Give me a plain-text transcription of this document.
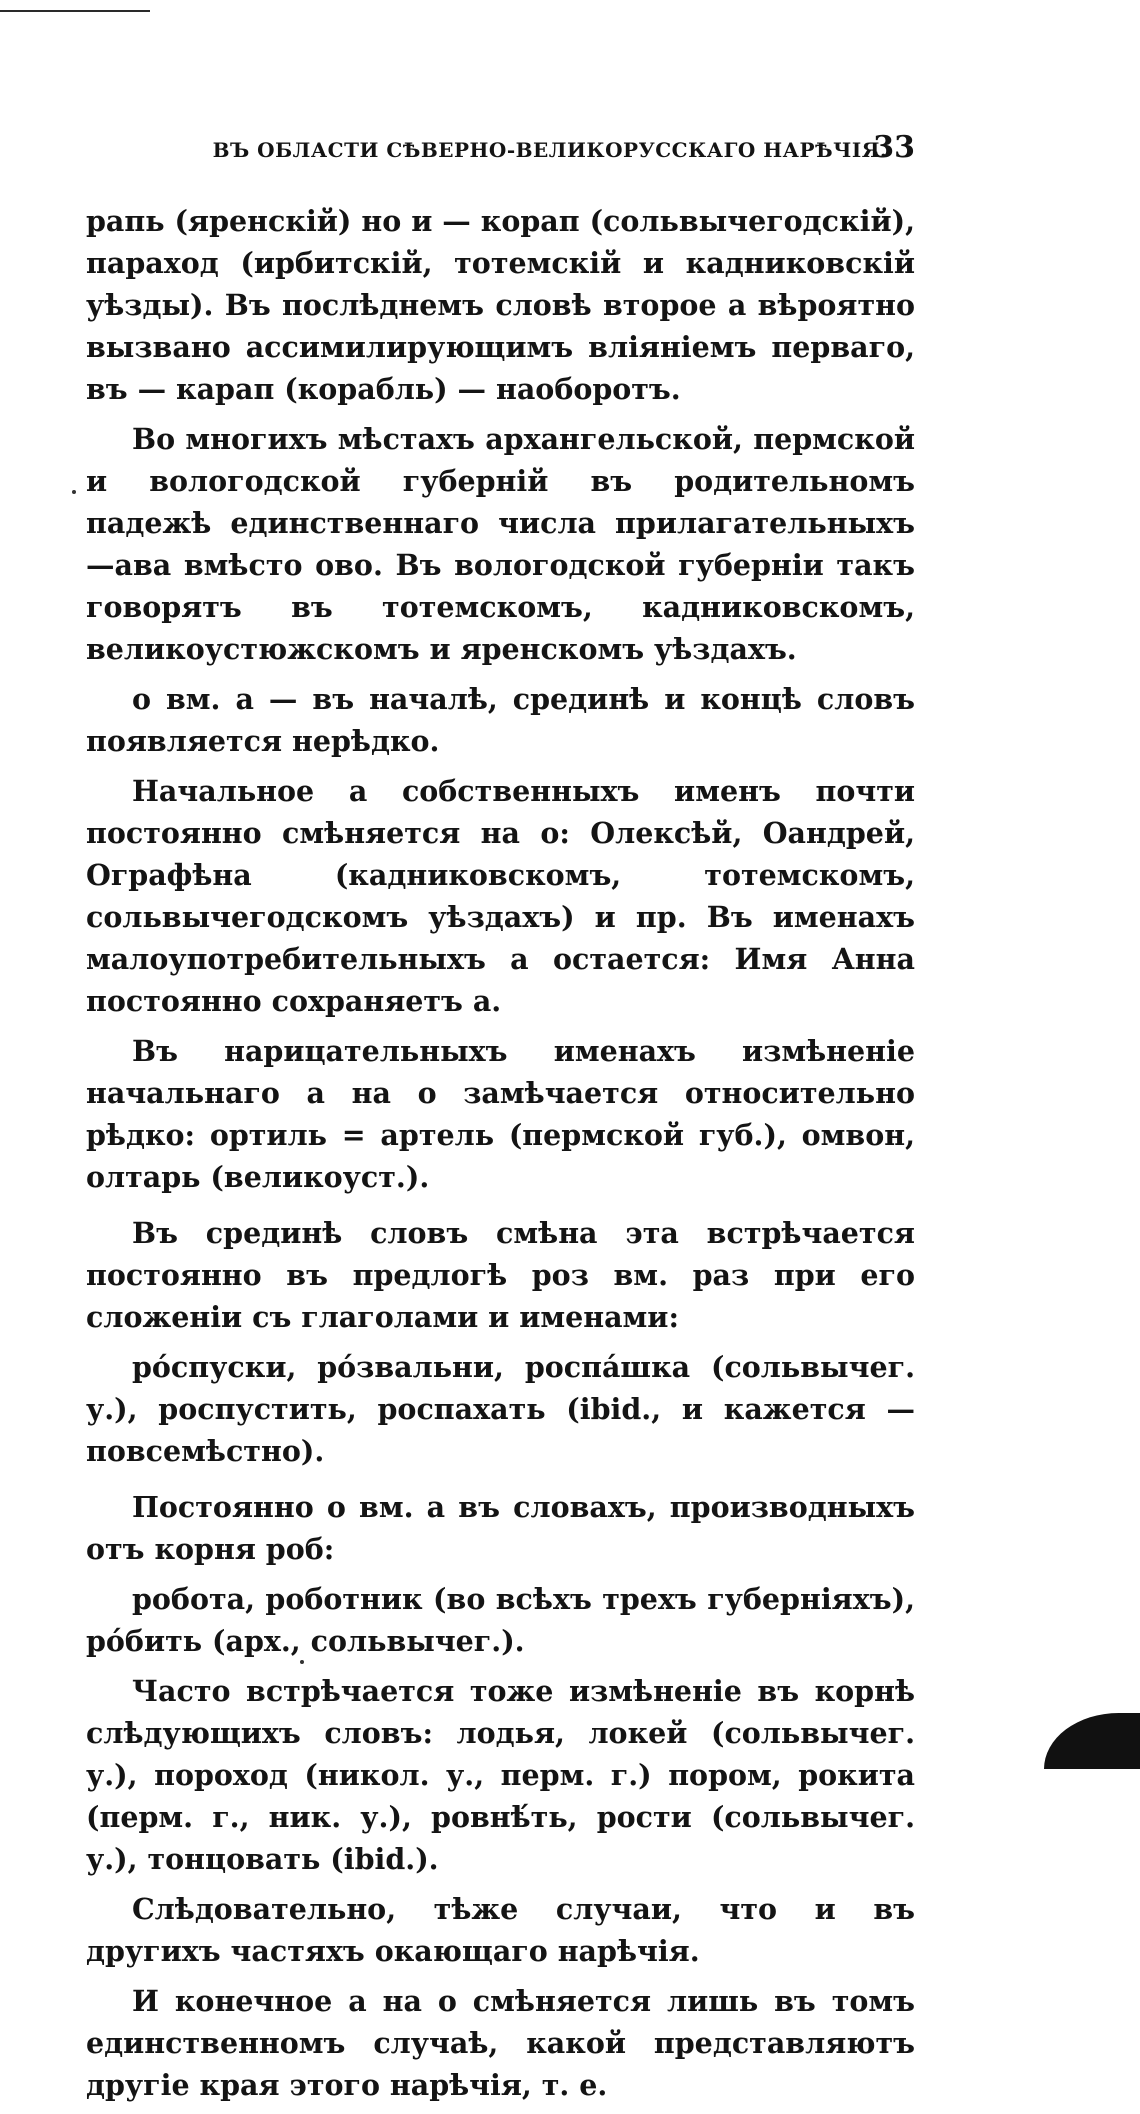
ВЪ ОБЛАСТИ СѢВЕРНО-ВЕЛИКОРУССКАГО НАРѢЧІЯ.
33

рапь (яренскій) но и — корап (сольвычегодскій), параход (ирбитскій, тотемскій и кадниковскій уѣзды). Въ послѣднемъ словѣ второе а вѣроятно вызвано ассимилирующимъ вліяніемъ перваго, въ — карап (корабль) — наоборотъ.

Во многихъ мѣстахъ архангельской, пермской и вологодской губерній въ родительномъ падежѣ единственнаго числа прилагательныхъ—ава вмѣсто ово. Въ вологодской губерніи такъ говорятъ въ тотемскомъ, кадниковскомъ, великоустюжскомъ и яренскомъ уѣздахъ.

о вм. а — въ началѣ, срединѣ и концѣ словъ появляется нерѣдко.

Начальное а собственныхъ именъ почти постоянно смѣняется на о: Олексѣй, Оандрей, Ографѣна (кадниковскомъ, тотемскомъ, сольвычегодскомъ уѣздахъ) и пр. Въ именахъ малоупотребительныхъ а остается: Имя Анна постоянно сохраняетъ а.

Въ нарицательныхъ именахъ измѣненіе начальнаго а на о замѣчается относительно рѣдко: ортиль = артель (пермской губ.), омвон, олтарь (великоуст.).

Въ срединѣ словъ смѣна эта встрѣчается постоянно въ предлогѣ роз вм. раз при его сложеніи съ глаголами и именами:

ро́спуски, ро́звальни, роспа́шка (сольвычег. у.), роспустить, роспахать (ibid., и кажется — повсемѣстно).

Постоянно о вм. а въ словахъ, производныхъ отъ корня роб:

робота, роботник (во всѣхъ трехъ губерніяхъ), ро́бить (арх., сольвычег.).

Часто встрѣчается тоже измѣненіе въ корнѣ слѣдующихъ словъ: лодья, локей (сольвычег. у.), пороход (никол. у., перм. г.) пором, рокита (перм. г., ник. у.), ровнѣ́ть, рости (сольвычег. у.), тонцовать (ibid.).

Слѣдовательно, тѣже случаи, что и въ другихъ частяхъ окающаго нарѣчія.

И конечное а на о смѣняется лишь въ томъ единственномъ случаѣ, какой представляютъ другіе края этого нарѣчія, т. е.
